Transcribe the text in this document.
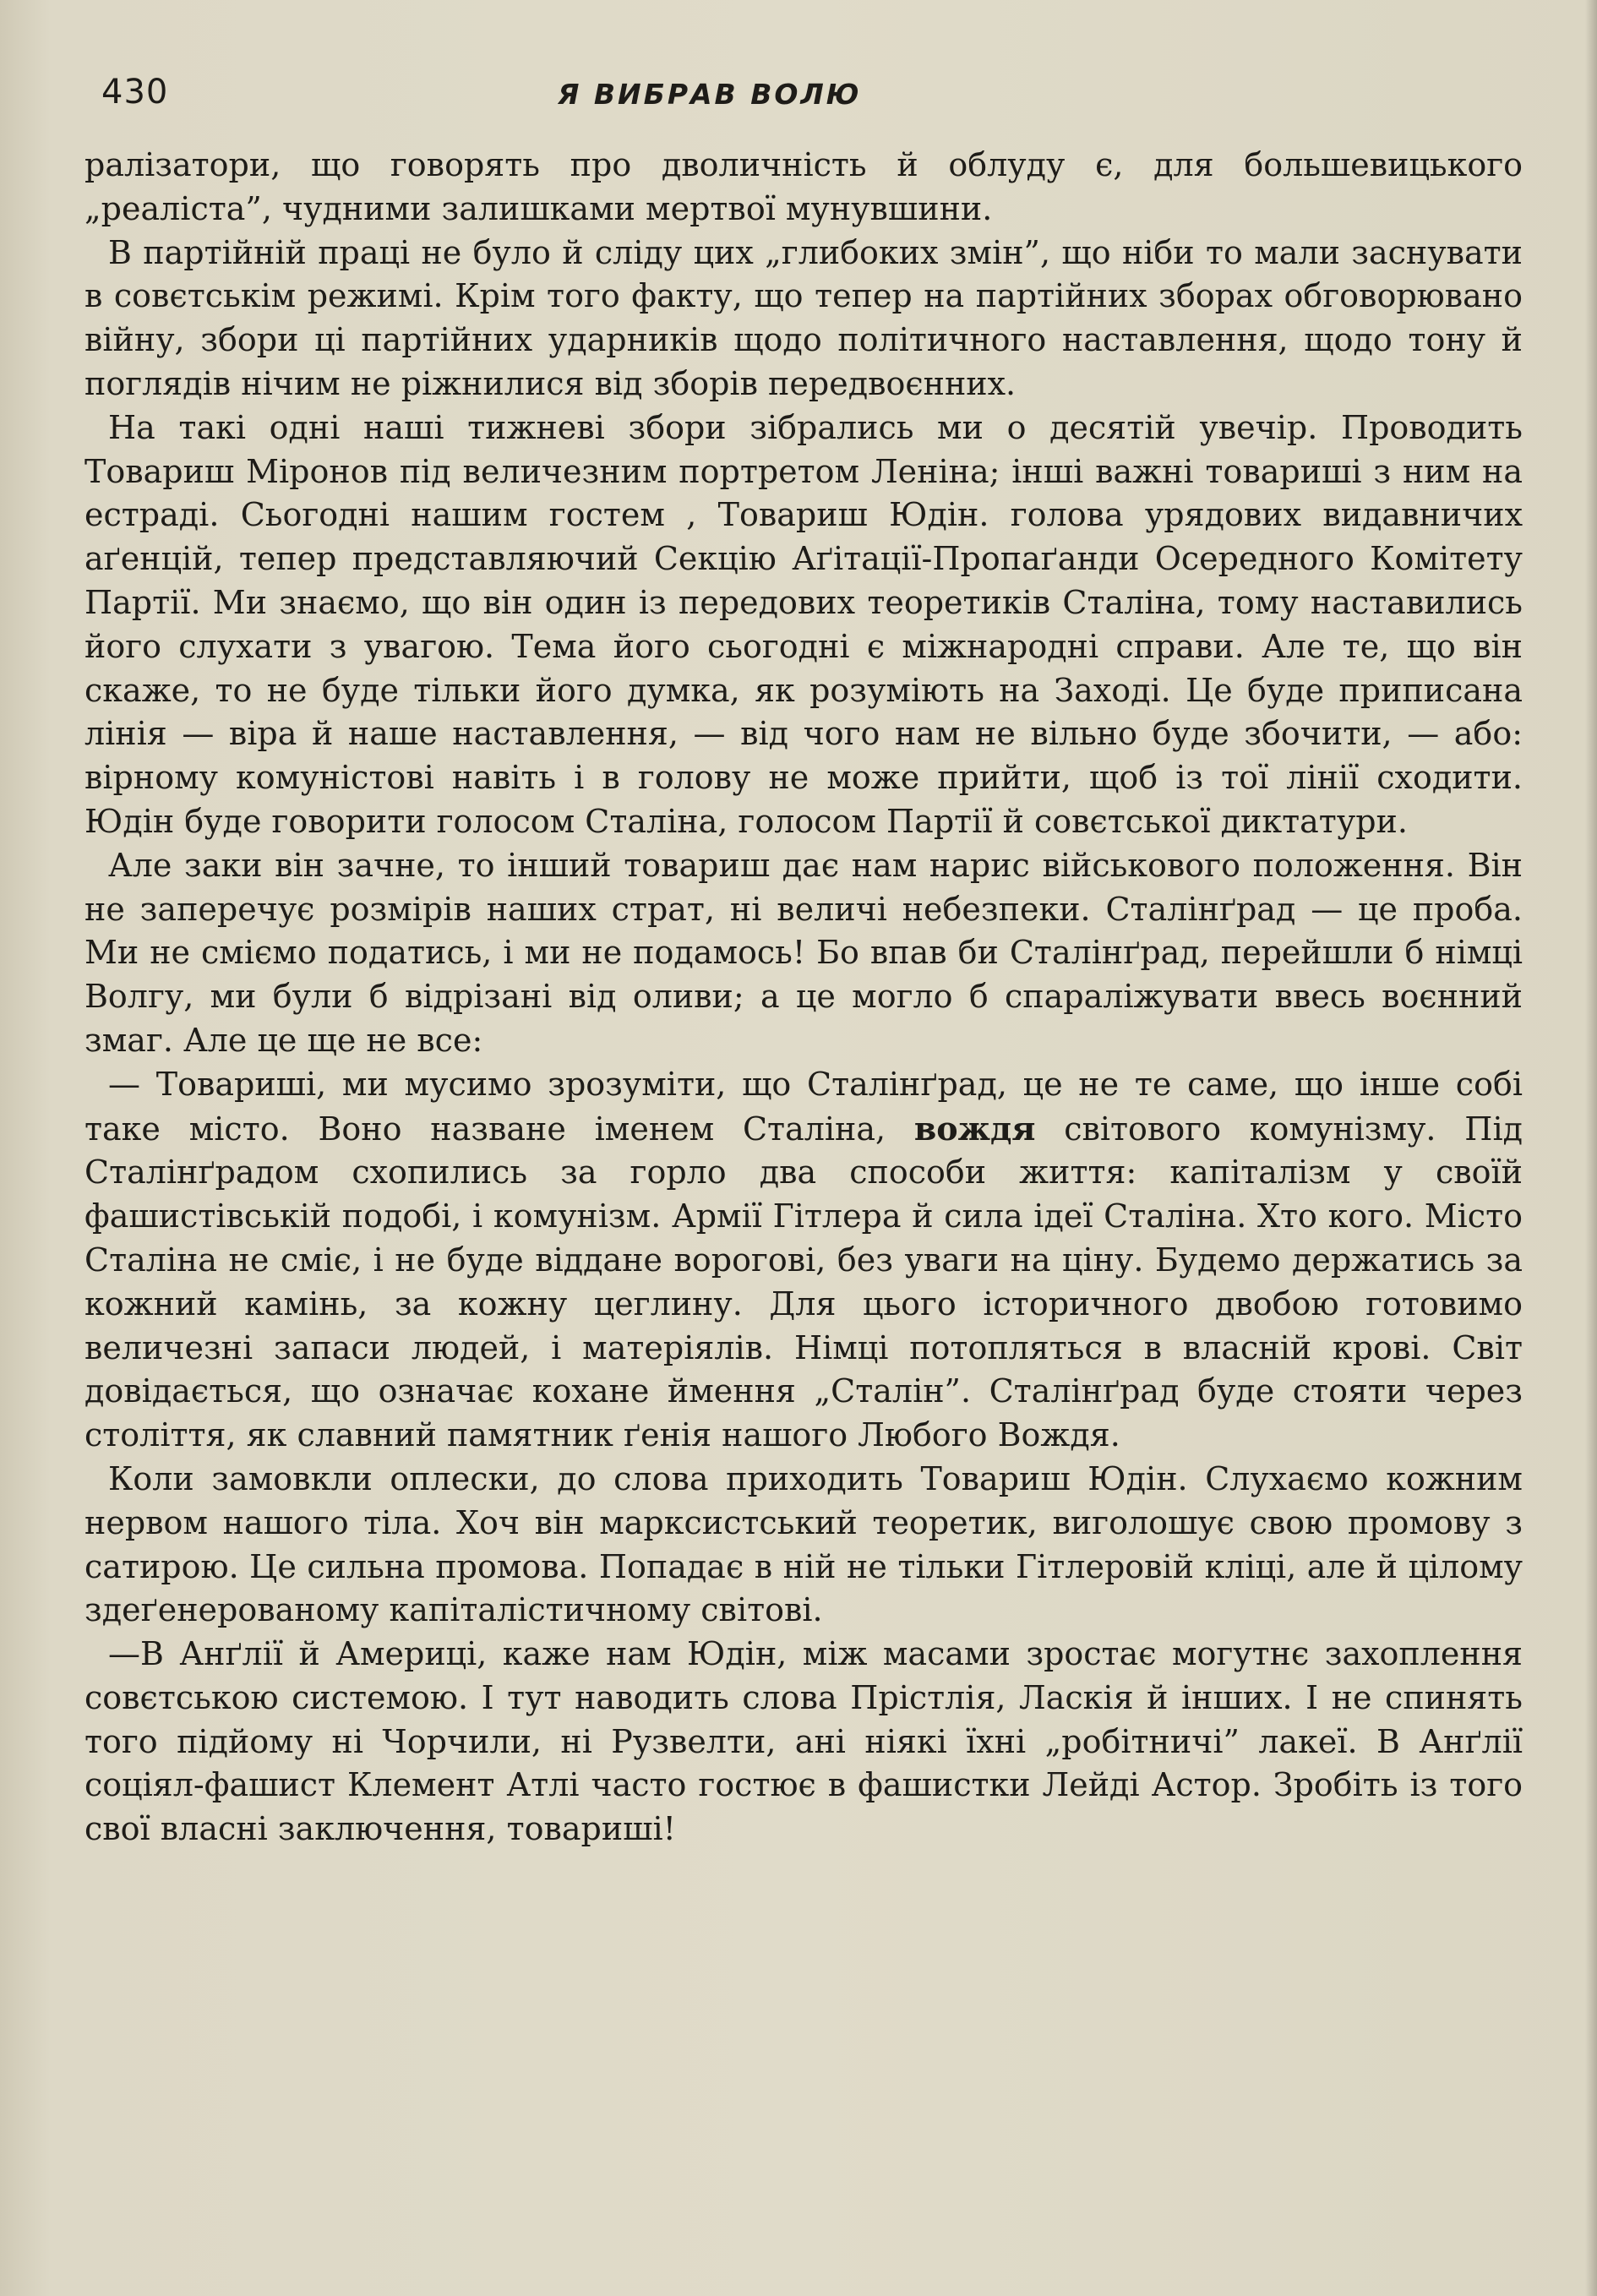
430	Я ВИБРАВ ВОЛЮ

ралізатори, що говорять про дволичність й облуду є, для большевицького „реаліста”, чудними залишками мертвої мунувшини.

В партійній праці не було й сліду цих „глибоких змін”, що ніби то мали заснувати в совєтськім режимі. Крім того факту, що тепер на партійних зборах обговорювано війну, збори ці партійних ударників щодо політичного наставлення, щодо тону й поглядів нічим не ріжнилися від зборів передвоєнних.

На такі одні наші тижневі збори зібрались ми о десятій увечір. Проводить Товариш Міронов під величезним портретом Леніна; інші важні товариші з ним на естраді. Сьогодні нашим гостем , Товариш Юдін. голова урядових видавничих аґенцій, тепер представляючий Секцію Аґітації-Пропаґанди Осередного Комітету Партії. Ми знаємо, що він один із передових теоретиків Сталіна, тому наставились його слухати з увагою. Тема його сьогодні є міжнародні справи. Але те, що він скаже, то не буде тільки його думка, як розуміють на Заході. Це буде приписана лінія — віра й наше наставлення, — від чого нам не вільно буде збочити, — або: вірному комуністові навіть і в голову не може прийти, щоб із тої лінії сходити. Юдін буде говорити голосом Сталіна, голосом Партії й совєтської диктатури.

Але заки він зачне, то інший товариш дає нам нарис військового положення. Він не заперечує розмірів наших страт, ні величі небезпеки. Сталінґрад — це проба. Ми не сміємо податись, і ми не подамось! Бо впав би Сталінґрад, перейшли б німці Волгу, ми були б відрізані від оливи; а це могло б спаралiжувати ввесь воєнний змаг. Але це ще не все:

— Товариші, ми мусимо зрозуміти, що Сталінґрад, це не те саме, що інше собі таке місто. Воно назване іменем Сталіна, вождя світового комунізму. Під Сталінґрадом схопились за горло два способи життя: капіталізм у своїй фашистівській подобі, і комунізм. Армії Гітлера й сила ідеї Сталіна. Хто кого. Місто Сталіна не сміє, і не буде віддане ворогові, без уваги на ціну. Будемо держатись за кожний камінь, за кожну цеглину. Для цього історичного двобою готовимо величезні запаси людей, і матеріялів. Німці потопляться в власній крові. Світ довідається, що означає кохане ймення „Сталін”. Сталінґрад буде стояти через століття, як славний памятник ґенія нашого Любого Вождя.

Коли замовкли оплески, до слова приходить Товариш Юдін. Слухаємо кожним нервом нашого тіла. Хоч він марксистський теоретик, виголошує свою промову з сатирою. Це сильна промова. Попадає в ній не тільки Гітлеровій кліці, але й цілому здеґенерованому капіталістичному світові.

—В Анґлії й Америці, каже нам Юдін, між масами зростає могутнє захоплення совєтською системою. І тут наводить слова Прістлія, Ласкія й інших. І не спинять того підйому ні Чорчили, ні Рузвелти, ані ніякі їхні „робітничі” лакеї. В Анґлії соціял-фашист Клемент Атлі часто гостює в фашистки Лейді Астор. Зробіть із того свої власні заключення, товариші!
